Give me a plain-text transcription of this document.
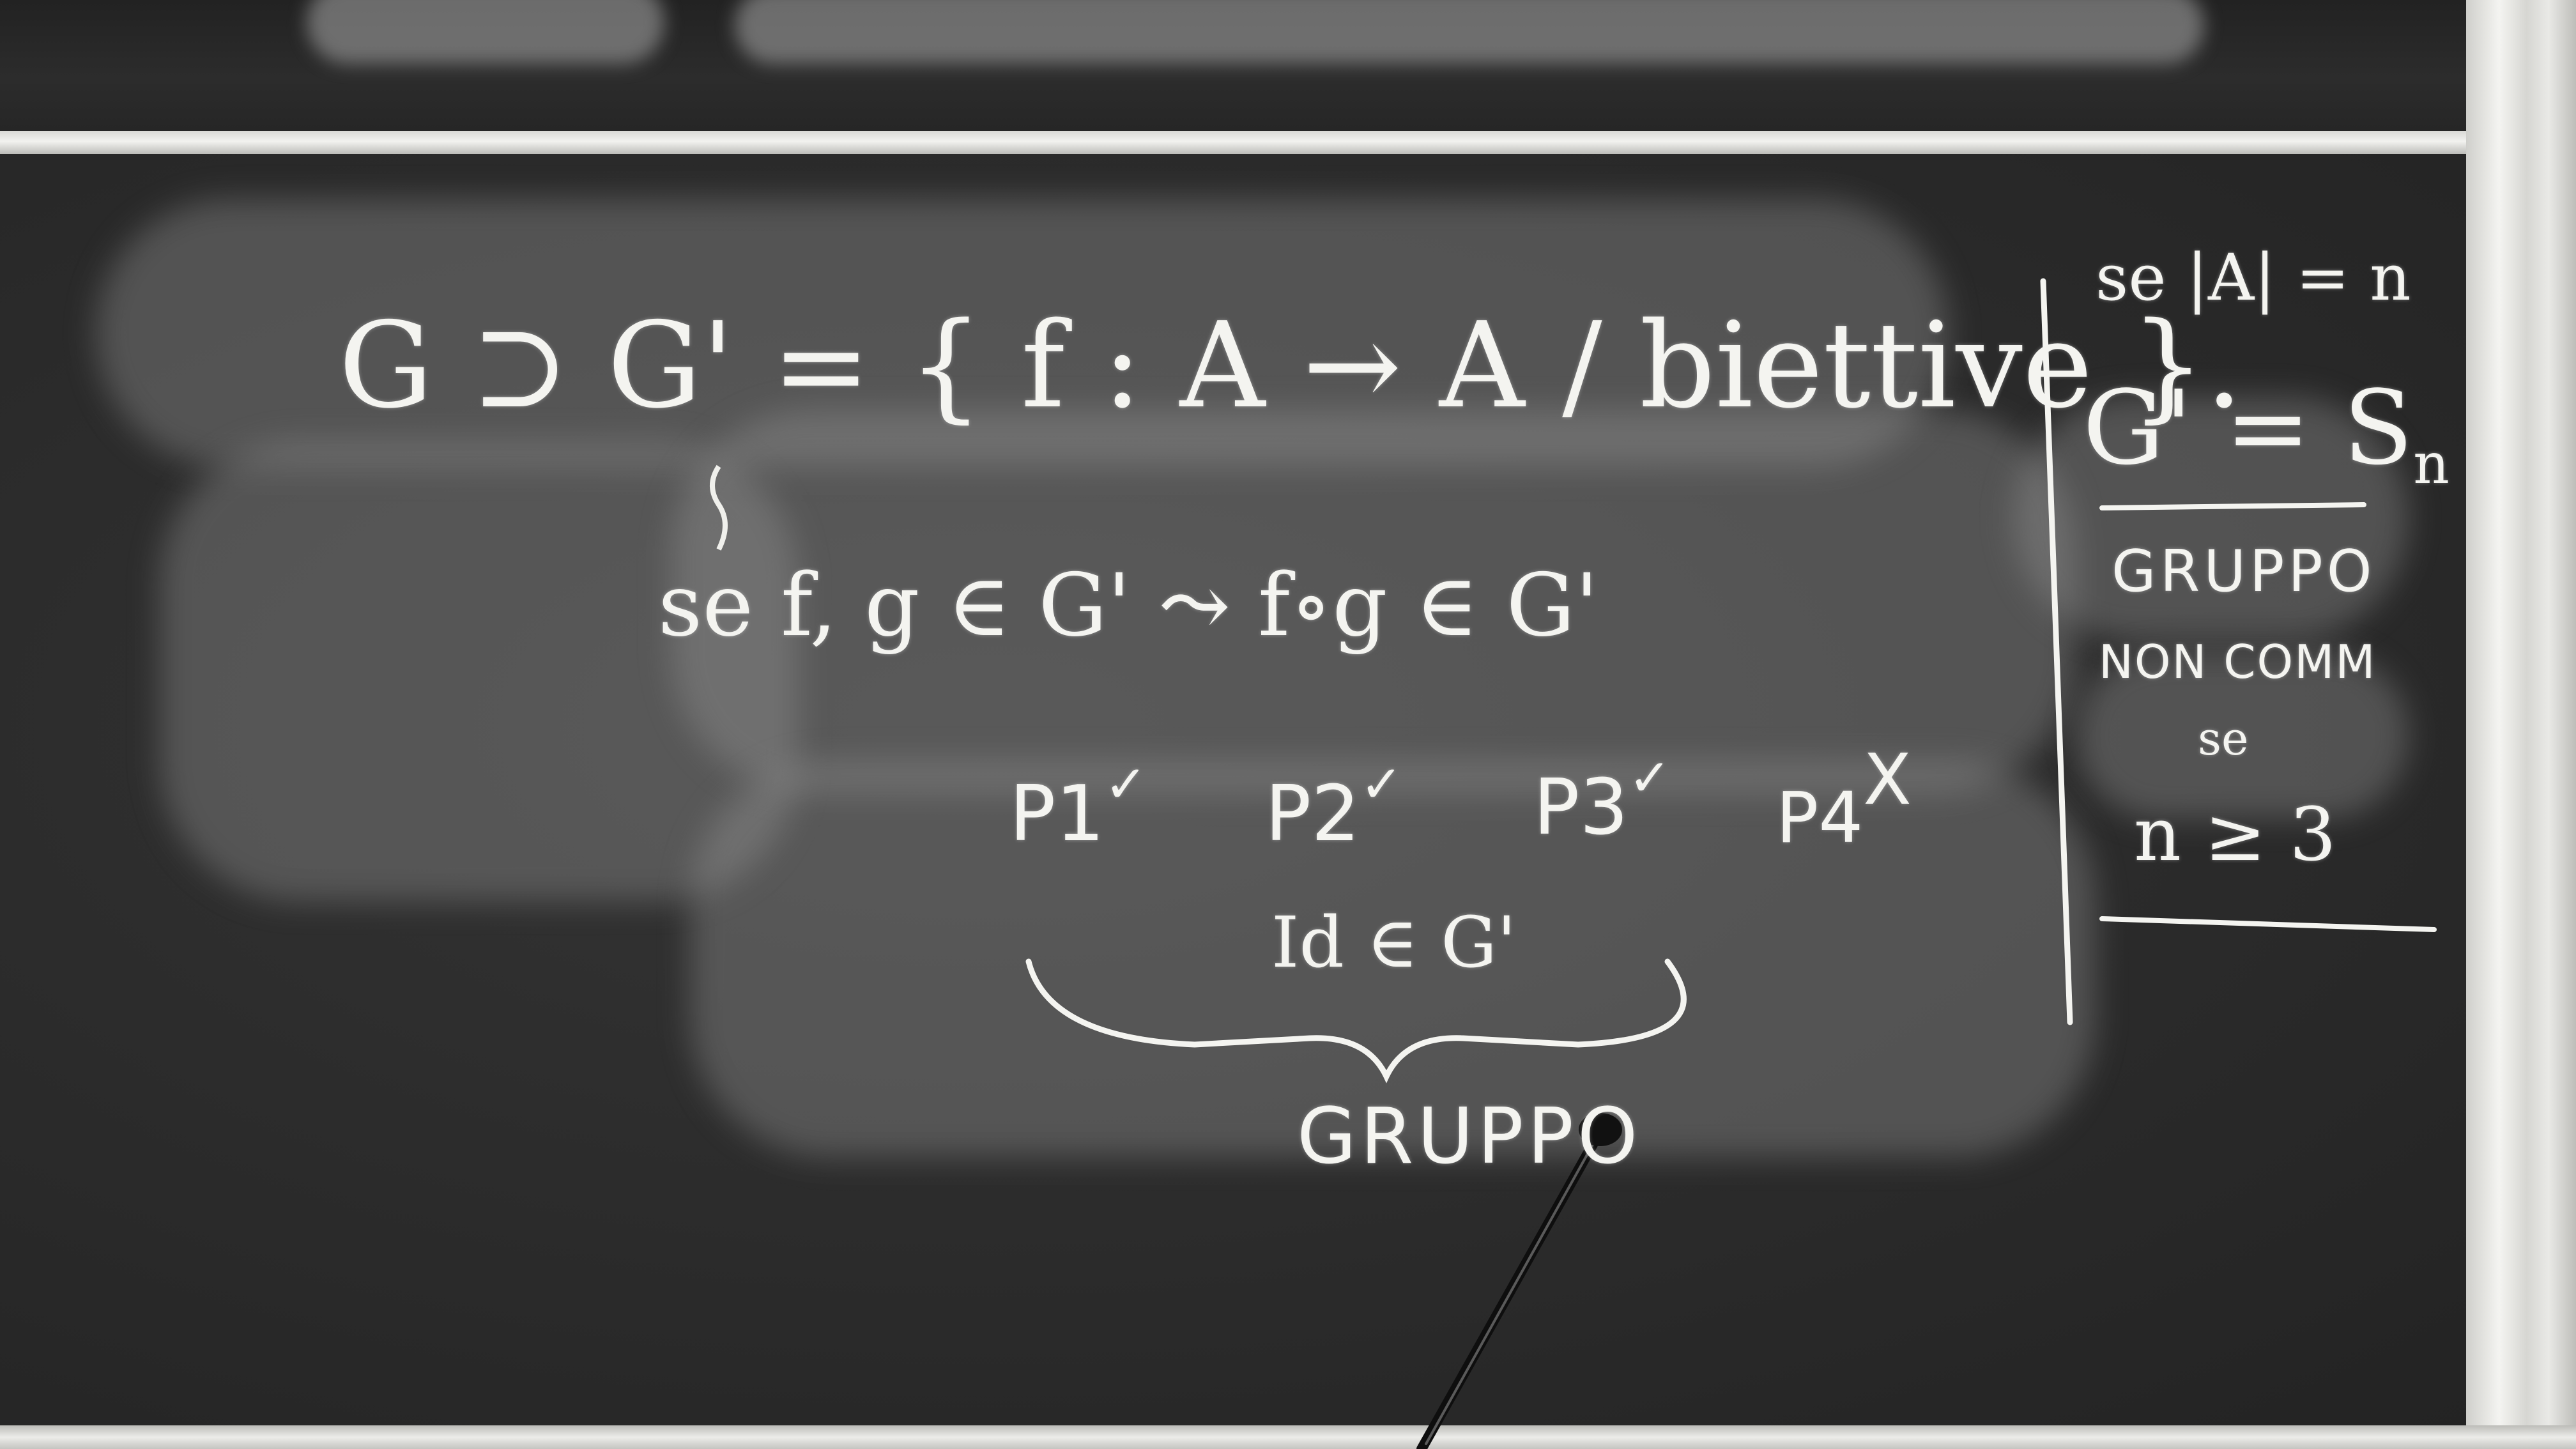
G ⊃ G' = { f : A → A / biettive }.
se f, g ∈ G' ⤳ f∘g ∈ G'
P1✓ P2✓ P3✓ P4X
Id ∈ G'
GRUPPO
se |A| = n
$G' = S_n$
GRUPPO
NON COMM
se
n ≥ 3
